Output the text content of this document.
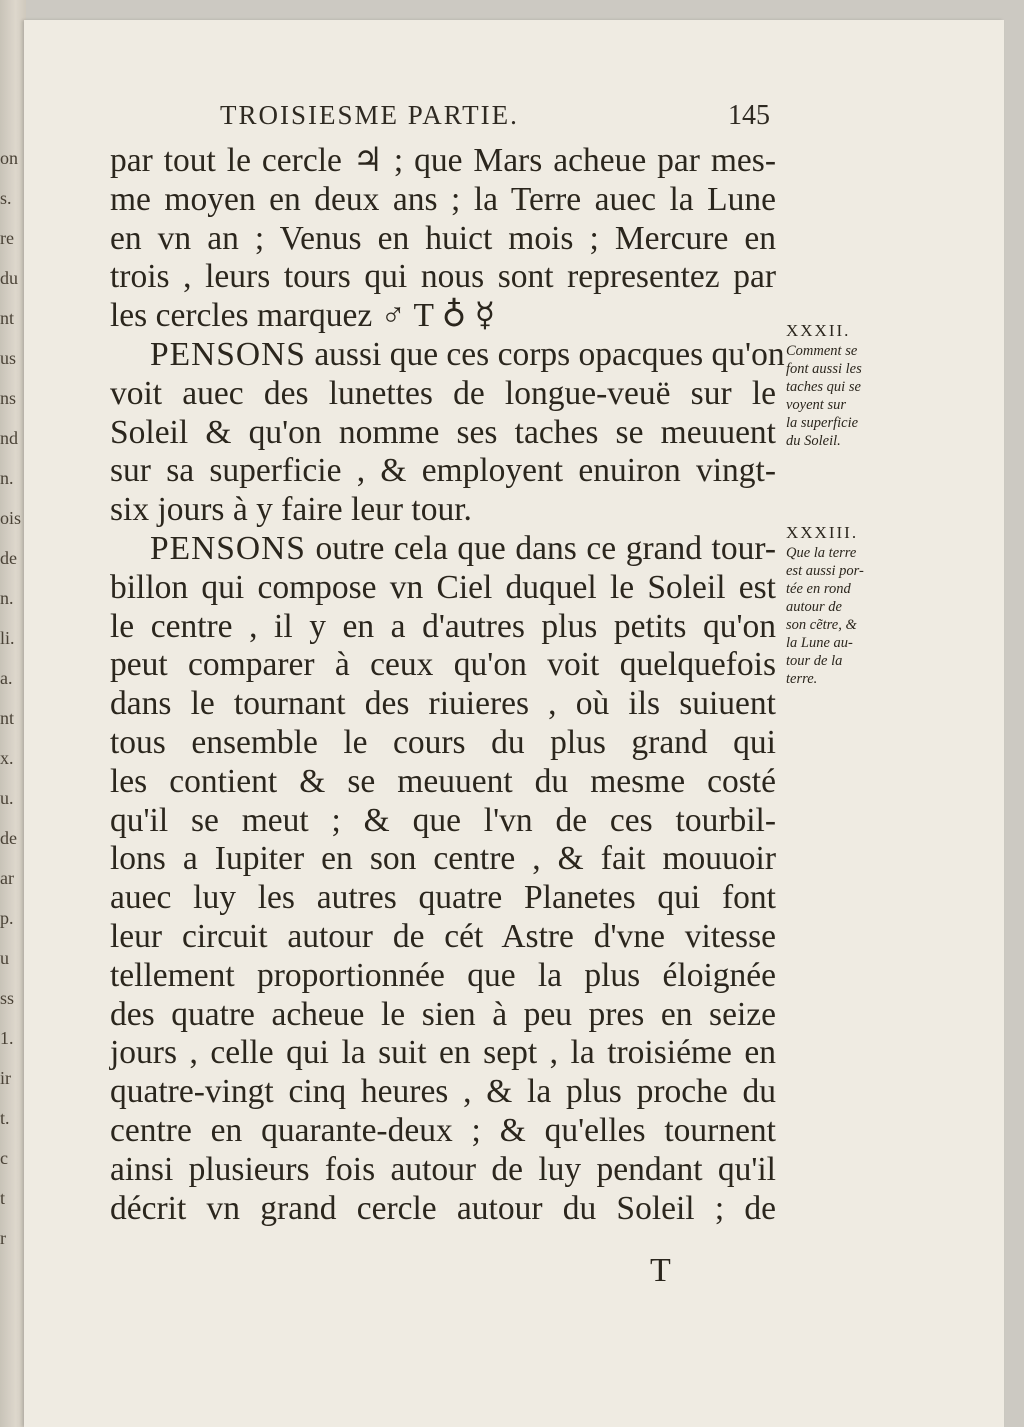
on
s.
re
du
nt
us
ns
nd
n.
ois
de
n.
li.
a.
nt
x.
u.
de
ar
p.
u
ss
1.
ir
t.
c
t
r
TROISIESME PARTIE.	145
par tout le cercle ♃ ; que Mars acheue par mes-
me moyen en deux ans ; la Terre auec la Lune
en vn an ; Venus en huict mois ; Mercure en
trois , leurs tours qui nous sont representez par
les cercles marquez ♂ T ♁ ☿
PENSONS aussi que ces corps opacques qu'on
voit auec des lunettes de longue-veuë sur le
Soleil & qu'on nomme ses taches se meuuent
sur sa superficie , & employent enuiron vingt-
six jours à y faire leur tour.
PENSONS outre cela que dans ce grand tour-
billon qui compose vn Ciel duquel le Soleil est
le centre , il y en a d'autres plus petits qu'on
peut comparer à ceux qu'on voit quelquefois
dans le tournant des riuieres , où ils suiuent
tous ensemble le cours du plus grand qui
les contient & se meuuent du mesme costé
qu'il se meut ; & que l'vn de ces tourbil-
lons a Iupiter en son centre , & fait mouuoir
auec luy les autres quatre Planetes qui font
leur circuit autour de cét Astre d'vne vitesse
tellement proportionnée que la plus éloignée
des quatre acheue le sien à peu pres en seize
jours , celle qui la suit en sept , la troisiéme en
quatre-vingt cinq heures , & la plus proche du
centre en quarante-deux ; & qu'elles tournent
ainsi plusieurs fois autour de luy pendant qu'il
décrit vn grand cercle autour du Soleil ; de
XXXII.
Comment se
font aussi les
taches qui se
voyent sur
la superficie
du Soleil.
XXXIII.
Que la terre
est aussi por-
tée en rond
autour de
son cẽtre, &
la Lune au-
tour de la
terre.
T
